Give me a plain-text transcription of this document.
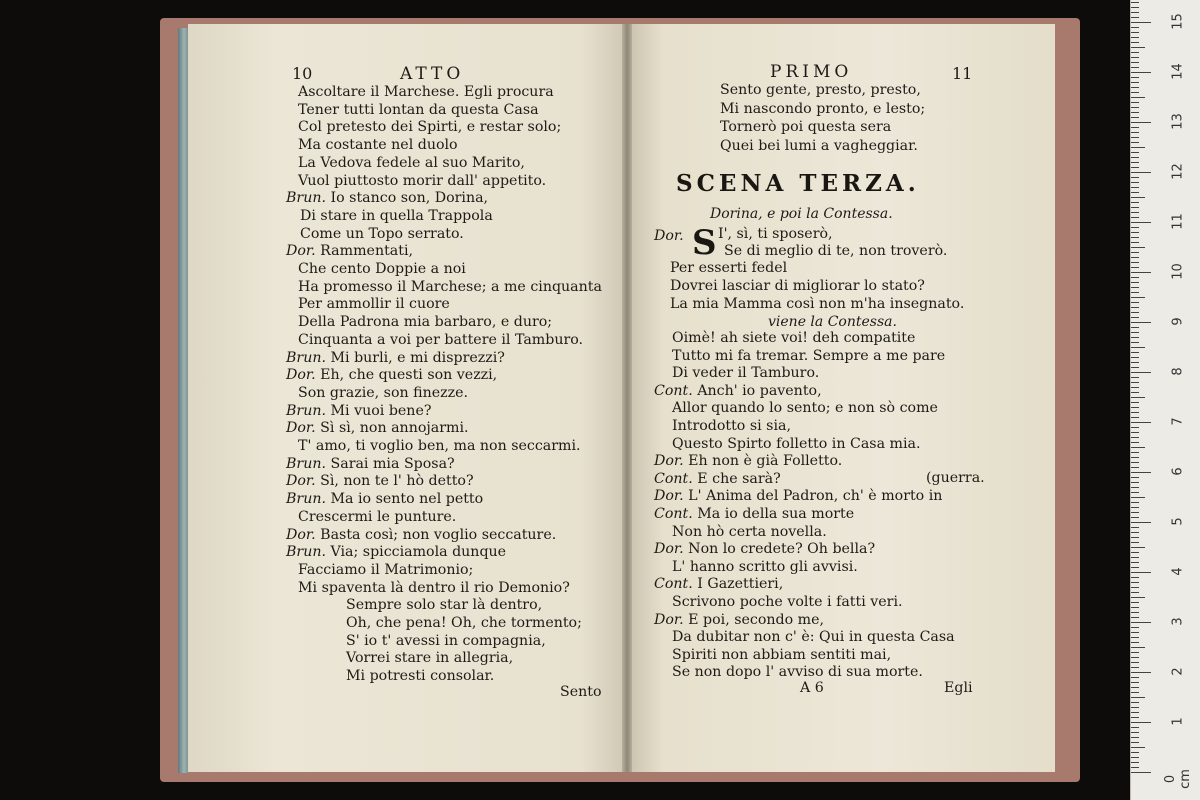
10	ATTO
Ascoltare il Marchese. Egli procura
Tener tutti lontan da questa Casa
Col pretesto dei Spirti, e restar solo;
Ma costante nel duolo
La Vedova fedele al suo Marito,
Vuol piuttosto morir dall' appetito.
Brun. Io stanco son, Dorina,
Di stare in quella Trappola
Come un Topo serrato.
Dor. Rammentati,
Che cento Doppie a noi
Ha promesso il Marchese; a me cinquanta
Per ammollir il cuore
Della Padrona mia barbaro, e duro;
Cinquanta a voi per battere il Tamburo.
Brun. Mi burli, e mi disprezzi?
Dor. Eh, che questi son vezzi,
Son grazie, son finezze.
Brun. Mi vuoi bene?
Dor. Sì sì, non annojarmi.
T' amo, ti voglio ben, ma non seccarmi.
Brun. Sarai mia Sposa?
Dor. Sì, non te l' hò detto?
Brun. Ma io sento nel petto
Crescermi le punture.
Dor. Basta così; non voglio seccature.
Brun. Via; spicciamola dunque
Facciamo il Matrimonio;
Mi spaventa là dentro il rio Demonio?
Sempre solo star là dentro,
Oh, che pena! Oh, che tormento;
S' io t' avessi in compagnia,
Vorrei stare in allegria,
Mi potresti consolar.
Sento
PRIMO	11
Sento gente, presto, presto,
Mi nascondo pronto, e lesto;
Tornerò poi questa sera
Quei bei lumi a vagheggiar.
SCENA TERZA.
Dorina, e poi la Contessa.
Dor. S I', sì, ti sposerò,
Se di meglio di te, non troverò.
Per esserti fedel
Dovrei lasciar di migliorar lo stato?
La mia Mamma così non m'ha insegnato.
viene la Contessa.
Oimè! ah siete voi! deh compatite
Tutto mi fa tremar. Sempre a me pare
Di veder il Tamburo.
Cont. Anch' io pavento,
Allor quando lo sento; e non sò come
Introdotto si sia,
Questo Spirto folletto in Casa mia.
Dor. Eh non è già Folletto.
Cont. E che sarà?
Dor. L' Anima del Padron, ch' è morto in
Cont. Ma io della sua morte
Non hò certa novella.
Dor. Non lo credete? Oh bella?
L' hanno scritto gli avvisi.
Cont. I Gazettieri,
Scrivono poche volte i fatti veri.
Dor. E poi, secondo me,
Da dubitar non c' è: Qui in questa Casa
Spiriti non abbiam sentiti mai,
Se non dopo l' avviso di sua morte.
(guerra.
A 6	Egli
0 cm
1
2
3
4
5
6
7
8
9
10
11
12
13
14
15
